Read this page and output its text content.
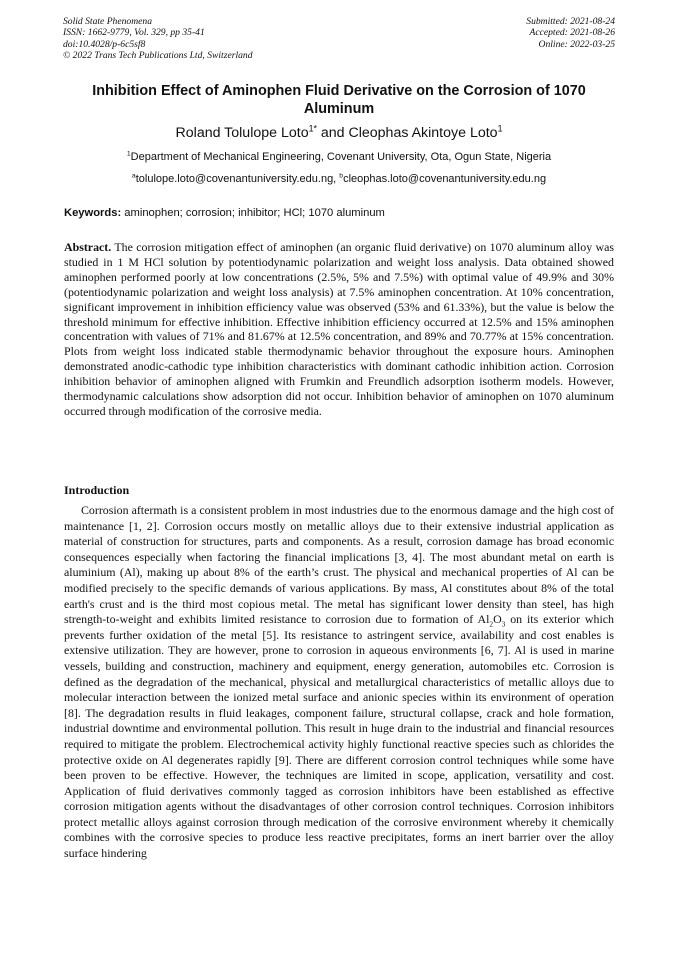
Solid State Phenomena
ISSN: 1662-9779, Vol. 329, pp 35-41
doi:10.4028/p-6c5sf8
© 2022 Trans Tech Publications Ltd, Switzerland
Submitted: 2021-08-24
Accepted: 2021-08-26
Online: 2022-03-25
Inhibition Effect of Aminophen Fluid Derivative on the Corrosion of 1070 Aluminum
Roland Tolulope Loto$^{1*}$ and Cleophas Akintoye Loto$^1$
$^1$Department of Mechanical Engineering, Covenant University, Ota, Ogun State, Nigeria
$^a$tolulope.loto@covenantuniversity.edu.ng, $^b$cleophas.loto@covenantuniversity.edu.ng
Keywords: aminophen; corrosion; inhibitor; HCl; 1070 aluminum
Abstract. The corrosion mitigation effect of aminophen (an organic fluid derivative) on 1070 aluminum alloy was studied in 1 M HCl solution by potentiodynamic polarization and weight loss analysis. Data obtained showed aminophen performed poorly at low concentrations (2.5%, 5% and 7.5%) with optimal value of 49.9% and 30% (potentiodynamic polarization and weight loss analysis) at 7.5% aminophen concentration. At 10% concentration, significant improvement in inhibition efficiency value was observed (53% and 61.33%), but the value is below the threshold minimum for effective inhibition. Effective inhibition efficiency occurred at 12.5% and 15% aminophen concentration with values of 71% and 81.67% at 12.5% concentration, and 89% and 70.77% at 15% concentration. Plots from weight loss indicated stable thermodynamic behavior throughout the exposure hours. Aminophen demonstrated anodic-cathodic type inhibition characteristics with dominant cathodic inhibition action. Corrosion inhibition behavior of aminophen aligned with Frumkin and Freundlich adsorption isotherm models. However, thermodynamic calculations show adsorption did not occur. Inhibition behavior of aminophen on 1070 aluminum occurred through modification of the corrosive media.
Introduction
Corrosion aftermath is a consistent problem in most industries due to the enormous damage and the high cost of maintenance [1, 2]. Corrosion occurs mostly on metallic alloys due to their extensive industrial application as material of construction for structures, parts and components. As a result, corrosion damage has broad economic consequences especially when factoring the financial implications [3, 4]. The most abundant metal on earth is aluminium (Al), making up about 8% of the earth’s crust. The physical and mechanical properties of Al can be modified precisely to the specific demands of various applications. By mass, Al constitutes about 8% of the total earth's crust and is the third most copious metal. The metal has significant lower density than steel, has high strength-to-weight and exhibits limited resistance to corrosion due to formation of $Al_2O_3$ on its exterior which prevents further oxidation of the metal [5]. Its resistance to astringent service, availability and cost enables is extensive utilization. They are however, prone to corrosion in aqueous environments [6, 7]. Al is used in marine vessels, building and construction, machinery and equipment, energy generation, automobiles etc. Corrosion is defined as the degradation of the mechanical, physical and metallurgical characteristics of metallic alloys due to molecular interaction between the ionized metal surface and anionic species within its environment of operation [8]. The degradation results in fluid leakages, component failure, structural collapse, crack and hole formation, industrial downtime and environmental pollution. This result in huge drain to the industrial and financial resources required to mitigate the problem. Electrochemical activity highly functional reactive species such as chlorides the protective oxide on Al degenerates rapidly [9]. There are different corrosion control techniques while some have been proven to be effective. However, the techniques are limited in scope, application, versatility and cost. Application of fluid derivatives commonly tagged as corrosion inhibitors have been established as effective corrosion mitigation agents without the disadvantages of other corrosion control techniques. Corrosion inhibitors protect metallic alloys against corrosion through medication of the corrosive environment whereby it chemically combines with the corrosive species to produce less reactive precipitates, forms an inert barrier over the alloy surface hindering
